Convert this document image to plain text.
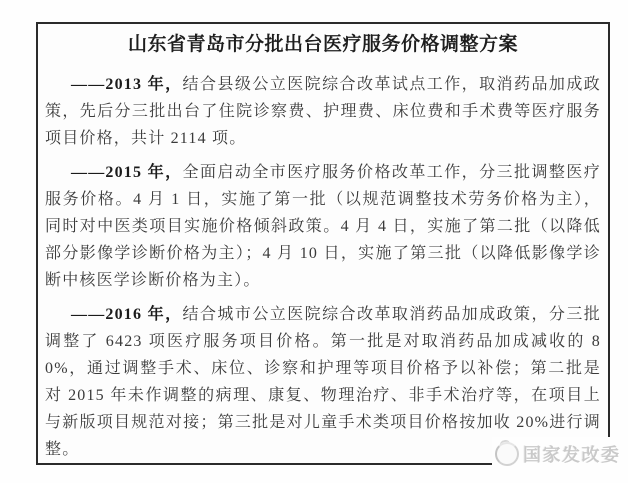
山东省青岛市分批出台医疗服务价格调整方案

——2013 年，结合县级公立医院综合改革试点工作，取消药品加成政策，先后分三批出台了住院诊察费、护理费、床位费和手术费等医疗服务项目价格，共计 2114 项。

——2015 年，全面启动全市医疗服务价格改革工作，分三批调整医疗服务价格。4 月 1 日，实施了第一批（以规范调整技术劳务价格为主），同时对中医类项目实施价格倾斜政策。4 月 4 日，实施了第二批（以降低部分影像学诊断价格为主）；4 月 10 日，实施了第三批（以降低影像学诊断中核医学诊断价格为主）。

——2016 年，结合城市公立医院综合改革取消药品加成政策，分三批调整了 6423 项医疗服务项目价格。第一批是对取消药品加成减收的 80%，通过调整手术、床位、诊察和护理等项目价格予以补偿；第二批是对 2015 年未作调整的病理、康复、物理治疗、非手术治疗等，在项目上与新版项目规范对接；第三批是对儿童手术类项目价格按加收 20%进行调整。	国家发改委
